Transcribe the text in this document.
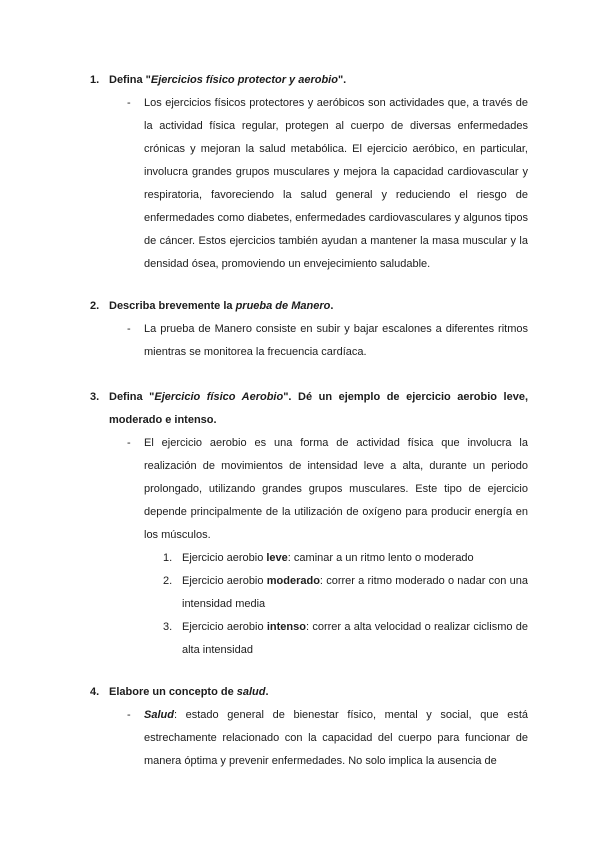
1. Defina "Ejercicios físico protector y aerobio".
-	Los ejercicios físicos protectores y aeróbicos son actividades que, a través de la actividad física regular, protegen al cuerpo de diversas enfermedades crónicas y mejoran la salud metabólica. El ejercicio aeróbico, en particular, involucra grandes grupos musculares y mejora la capacidad cardiovascular y respiratoria, favoreciendo la salud general y reduciendo el riesgo de enfermedades como diabetes, enfermedades cardiovasculares y algunos tipos de cáncer. Estos ejercicios también ayudan a mantener la masa muscular y la densidad ósea, promoviendo un envejecimiento saludable.
2. Describa brevemente la prueba de Manero.
-	La prueba de Manero consiste en subir y bajar escalones a diferentes ritmos mientras se monitorea la frecuencia cardíaca.
3. Defina "Ejercicio físico Aerobio". Dé un ejemplo de ejercicio aerobio leve, moderado e intenso.
-	El ejercicio aerobio es una forma de actividad física que involucra la realización de movimientos de intensidad leve a alta, durante un periodo prolongado, utilizando grandes grupos musculares. Este tipo de ejercicio depende principalmente de la utilización de oxígeno para producir energía en los músculos.
1. Ejercicio aerobio leve: caminar a un ritmo lento o moderado
2. Ejercicio aerobio moderado: correr a ritmo moderado o nadar con una intensidad media
3. Ejercicio aerobio intenso: correr a alta velocidad o realizar ciclismo de alta intensidad
4. Elabore un concepto de salud.
-	Salud: estado general de bienestar físico, mental y social, que está estrechamente relacionado con la capacidad del cuerpo para funcionar de manera óptima y prevenir enfermedades. No solo implica la ausencia de
